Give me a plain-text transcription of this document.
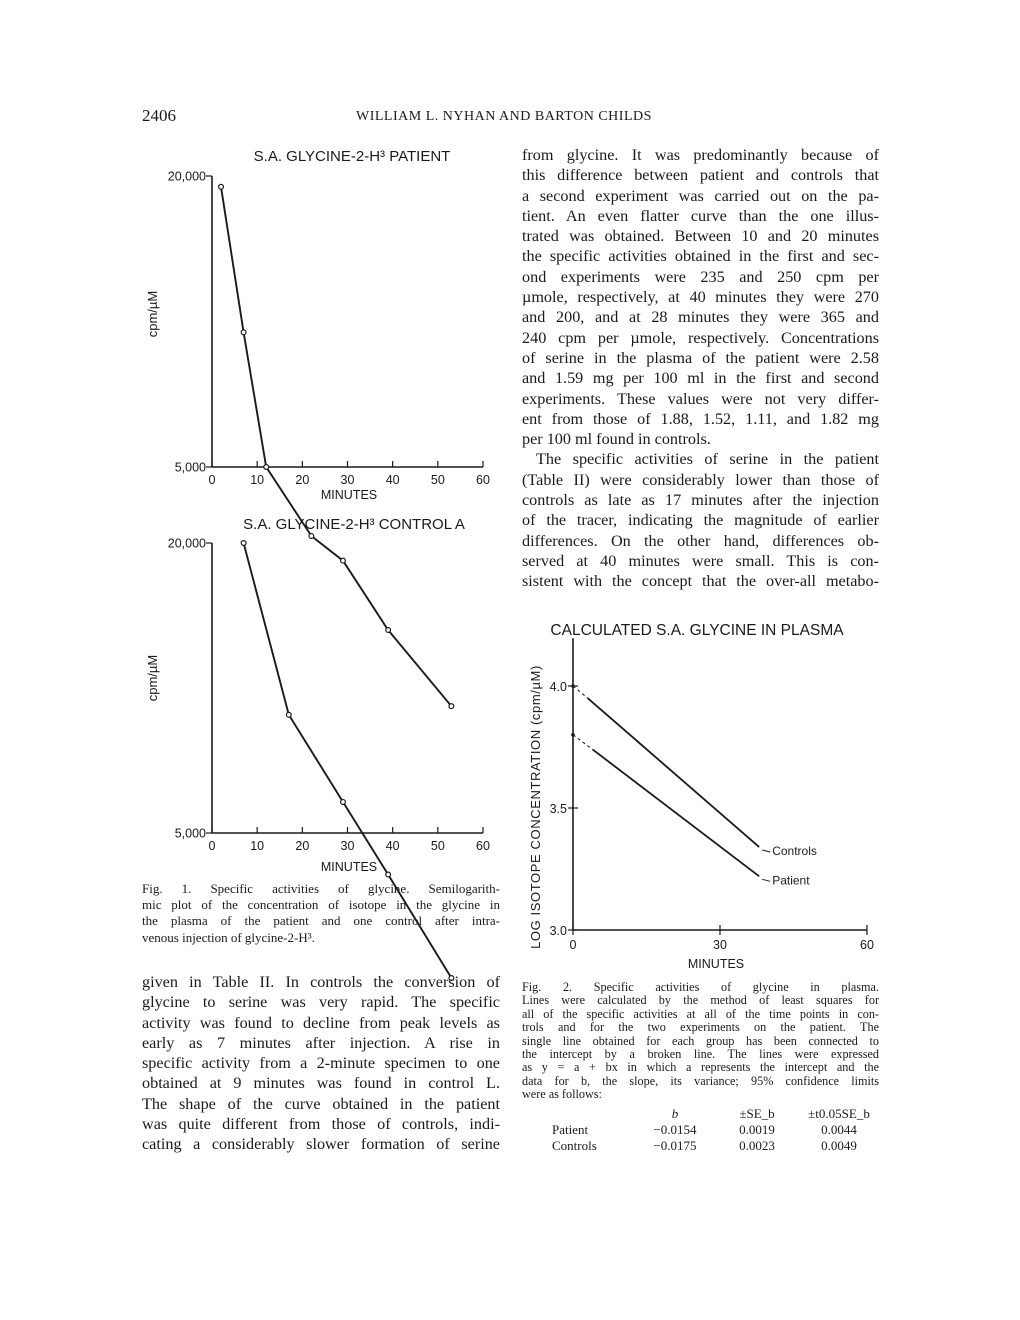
2406	WILLIAM L. NYHAN AND BARTON CHILDS
S.A. GLYCINE-2-H³ PATIENT
cpm/µM
MINUTES
0	10	20	30	40	50	60
5,000
20,000
S.A. GLYCINE-2-H³ CONTROL A
cpm/µM
MINUTES
0	10	20	30	40	50	60
5,000
20,000
CALCULATED S.A. GLYCINE IN PLASMA
LOG ISOTOPE CONCENTRATION (cpm/µM)
MINUTES
0	30	60
3.0
3.5
4.0
Controls
Patient
Fig. 1. Specific activities of glycine. Semilogarith-
mic plot of the concentration of isotope in the glycine in
the plasma of the patient and one control after intra-
venous injection of glycine-2-H³.
Fig. 2. Specific activities of glycine in plasma.
Lines were calculated by the method of least squares for
all of the specific activities at all of the time points in con-
trols and for the two experiments on the patient. The
single line obtained for each group has been connected to
the intercept by a broken line. The lines were expressed
as y = a + bx in which a represents the intercept and the
data for b, the slope, its variance; 95% confidence limits
were as follows:
	b	±SE_b	±t0.05SE_b
Patient	−0.0154	0.0019	0.0044
Controls	−0.0175	0.0023	0.0049
from glycine. It was predominantly because of
this difference between patient and controls that
a second experiment was carried out on the pa-
tient. An even flatter curve than the one illus-
trated was obtained. Between 10 and 20 minutes
the specific activities obtained in the first and sec-
ond experiments were 235 and 250 cpm per
µmole, respectively, at 40 minutes they were 270
and 200, and at 28 minutes they were 365 and
240 cpm per µmole, respectively. Concentrations
of serine in the plasma of the patient were 2.58
and 1.59 mg per 100 ml in the first and second
experiments. These values were not very differ-
ent from those of 1.88, 1.52, 1.11, and 1.82 mg
per 100 ml found in controls.
The specific activities of serine in the patient
(Table II) were considerably lower than those of
controls as late as 17 minutes after the injection
of the tracer, indicating the magnitude of earlier
differences. On the other hand, differences ob-
served at 40 minutes were small. This is con-
sistent with the concept that the over-all metabo-
given in Table II. In controls the conversion of
glycine to serine was very rapid. The specific
activity was found to decline from peak levels as
early as 7 minutes after injection. A rise in
specific activity from a 2-minute specimen to one
obtained at 9 minutes was found in control L.
The shape of the curve obtained in the patient
was quite different from those of controls, indi-
cating a considerably slower formation of serine
